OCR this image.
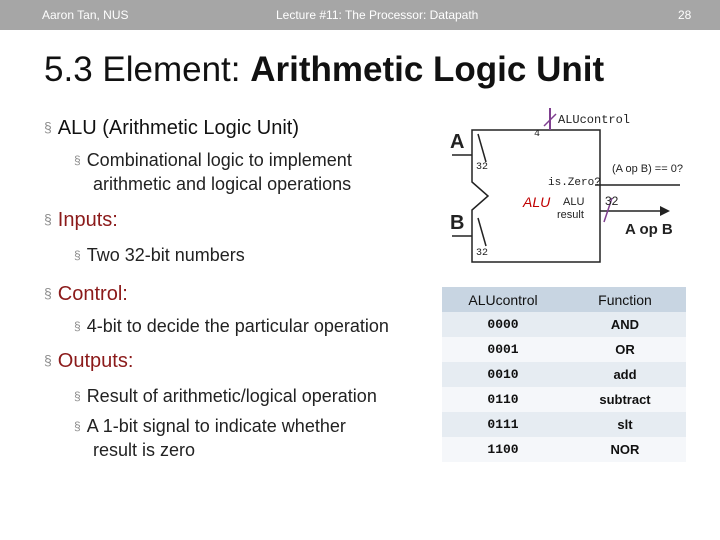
Aaron Tan, NUS	Lecture #11: The Processor: Datapath	28
5.3 Element: Arithmetic Logic Unit
§ ALU (Arithmetic Logic Unit)
§ Combinational logic to implement
arithmetic and logical operations
§ Inputs:
§ Two 32-bit numbers
§ Control:
§ 4-bit to decide the particular operation
§ Outputs:
§ Result of arithmetic/logical operation
§ A 1-bit signal to indicate whether
result is zero
A
B
32
32
4
ALUcontrol
is.Zero?
(A op B) == 0?
ALU ALU
result
32
A op B
ALUcontrol	Function
0000	AND
0001	OR
0010	add
0110	subtract
0111	slt
1100	NOR
